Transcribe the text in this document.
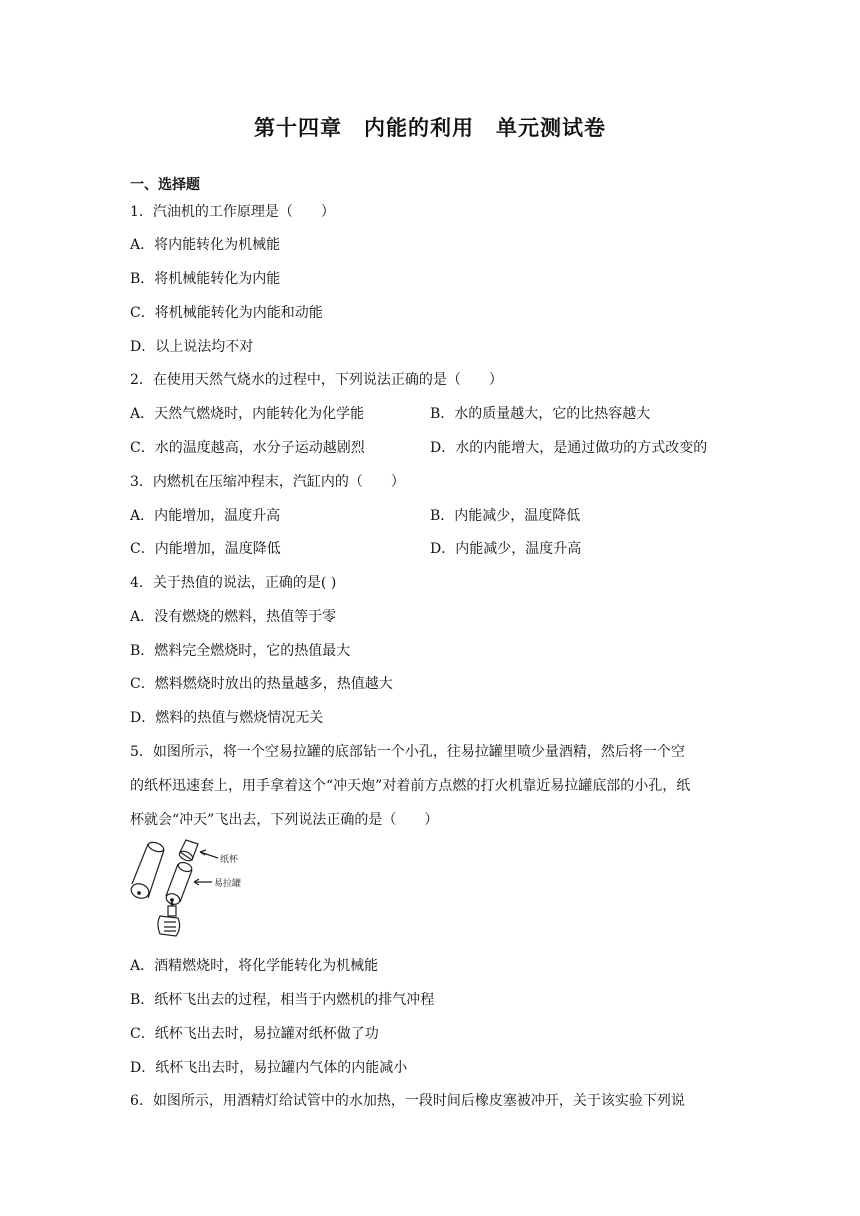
第十四章　内能的利用　单元测试卷
一、选择题
1．汽油机的工作原理是（　　）
A．将内能转化为机械能
B．将机械能转化为内能
C．将机械能转化为内能和动能
D．以上说法均不对
2．在使用天然气烧水的过程中，下列说法正确的是（　　）
A．天然气燃烧时，内能转化为化学能	B．水的质量越大，它的比热容越大
C．水的温度越高，水分子运动越剧烈	D．水的内能增大，是通过做功的方式改变的
3．内燃机在压缩冲程末，汽缸内的（　　）
A．内能增加，温度升高	B．内能减少，温度降低
C．内能增加，温度降低	D．内能减少，温度升高
4．关于热值的说法，正确的是( )
A．没有燃烧的燃料，热值等于零
B．燃料完全燃烧时，它的热值最大
C．燃料燃烧时放出的热量越多，热值越大
D．燃料的热值与燃烧情况无关
5．如图所示，将一个空易拉罐的底部钻一个小孔，往易拉罐里喷少量酒精，然后将一个空
的纸杯迅速套上，用手拿着这个“冲天炮”对着前方点燃的打火机靠近易拉罐底部的小孔，纸
杯就会“冲天”飞出去，下列说法正确的是（　　）
纸杯
易拉罐
A．酒精燃烧时，将化学能转化为机械能
B．纸杯飞出去的过程，相当于内燃机的排气冲程
C．纸杯飞出去时，易拉罐对纸杯做了功
D．纸杯飞出去时，易拉罐内气体的内能减小
6．如图所示，用酒精灯给试管中的水加热，一段时间后橡皮塞被冲开，关于该实验下列说
